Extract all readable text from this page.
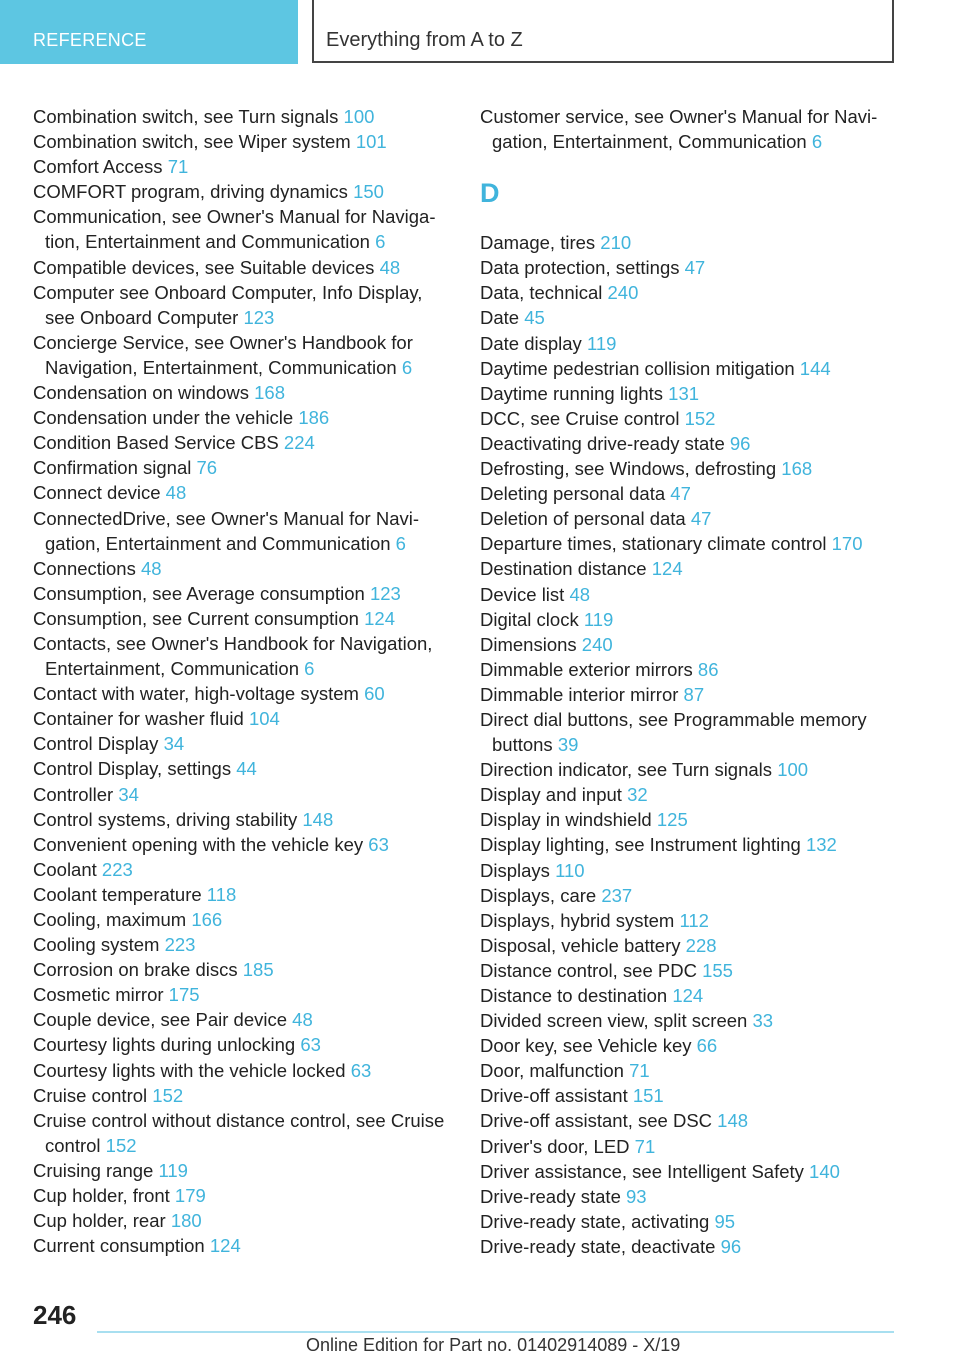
REFERENCE	Everything from A to Z
Combination switch, see Turn signals 100
Combination switch, see Wiper system 101
Comfort Access 71
COMFORT program, driving dynamics 150
Communication, see Owner's Manual for Naviga-tion, Entertainment and Communication 6
Compatible devices, see Suitable devices 48
Computer see Onboard Computer, Info Display, see Onboard Computer 123
Concierge Service, see Owner's Handbook for Navigation, Entertainment, Communication 6
Condensation on windows 168
Condensation under the vehicle 186
Condition Based Service CBS 224
Confirmation signal 76
Connect device 48
ConnectedDrive, see Owner's Manual for Navi-gation, Entertainment and Communication 6
Connections 48
Consumption, see Average consumption 123
Consumption, see Current consumption 124
Contacts, see Owner's Handbook for Navigation, Entertainment, Communication 6
Contact with water, high-voltage system 60
Container for washer fluid 104
Control Display 34
Control Display, settings 44
Controller 34
Control systems, driving stability 148
Convenient opening with the vehicle key 63
Coolant 223
Coolant temperature 118
Cooling, maximum 166
Cooling system 223
Corrosion on brake discs 185
Cosmetic mirror 175
Couple device, see Pair device 48
Courtesy lights during unlocking 63
Courtesy lights with the vehicle locked 63
Cruise control 152
Cruise control without distance control, see Cruise control 152
Cruising range 119
Cup holder, front 179
Cup holder, rear 180
Current consumption 124
Customer service, see Owner's Manual for Navi-gation, Entertainment, Communication 6
D
Damage, tires 210
Data protection, settings 47
Data, technical 240
Date 45
Date display 119
Daytime pedestrian collision mitigation 144
Daytime running lights 131
DCC, see Cruise control 152
Deactivating drive-ready state 96
Defrosting, see Windows, defrosting 168
Deleting personal data 47
Deletion of personal data 47
Departure times, stationary climate control 170
Destination distance 124
Device list 48
Digital clock 119
Dimensions 240
Dimmable exterior mirrors 86
Dimmable interior mirror 87
Direct dial buttons, see Programmable memory buttons 39
Direction indicator, see Turn signals 100
Display and input 32
Display in windshield 125
Display lighting, see Instrument lighting 132
Displays 110
Displays, care 237
Displays, hybrid system 112
Disposal, vehicle battery 228
Distance control, see PDC 155
Distance to destination 124
Divided screen view, split screen 33
Door key, see Vehicle key 66
Door, malfunction 71
Drive-off assistant 151
Drive-off assistant, see DSC 148
Driver's door, LED 71
Driver assistance, see Intelligent Safety 140
Drive-ready state 93
Drive-ready state, activating 95
Drive-ready state, deactivate 96
246
Online Edition for Part no. 01402914089 - X/19
